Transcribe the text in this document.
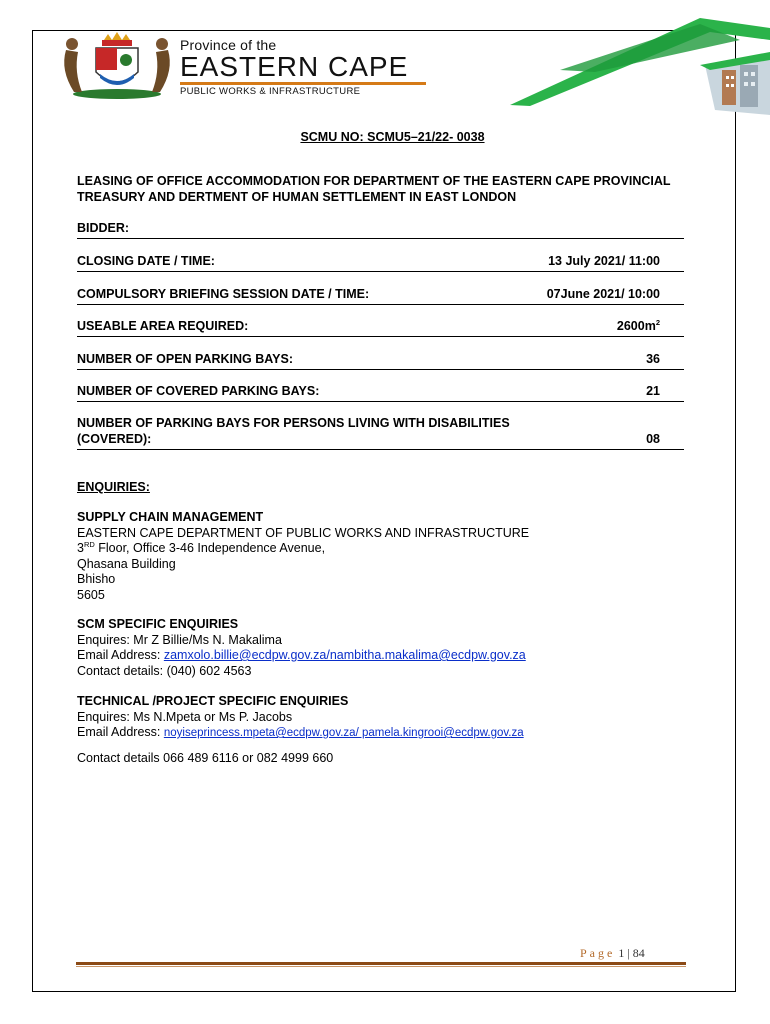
Province of the
EASTERN CAPE
PUBLIC WORKS & INFRASTRUCTURE
SCMU NO: SCMU5–21/22- 0038
LEASING OF OFFICE ACCOMMODATION FOR DEPARTMENT OF THE EASTERN CAPE PROVINCIAL TREASURY AND DERTMENT OF HUMAN SETTLEMENT IN EAST LONDON
BIDDER:
CLOSING DATE / TIME:	13 July 2021/ 11:00
COMPULSORY BRIEFING SESSION DATE / TIME:	07June 2021/ 10:00
USEABLE AREA REQUIRED:	$2600m^2$
NUMBER OF OPEN PARKING BAYS:	36
NUMBER OF COVERED PARKING BAYS:	21
NUMBER OF PARKING BAYS FOR PERSONS LIVING WITH DISABILITIES
(COVERED):	08
ENQUIRIES:
SUPPLY CHAIN MANAGEMENT
EASTERN CAPE DEPARTMENT OF PUBLIC WORKS AND INFRASTRUCTURE
3RD Floor, Office 3-46 Independence Avenue,
Qhasana Building
Bhisho
5605
SCM SPECIFIC ENQUIRIES
Enquires: Mr Z Billie/Ms N. Makalima
Email Address: zamxolo.billie@ecdpw.gov.za/nambitha.makalima@ecdpw.gov.za
Contact details: (040) 602 4563
TECHNICAL /PROJECT SPECIFIC ENQUIRIES
Enquires: Ms N.Mpeta or Ms P. Jacobs
Email Address: noyiseprincess.mpeta@ecdpw.gov.za/ pamela.kingrooi@ecdpw.gov.za
Contact details 066 489 6116 or 082 4999 660
Page 1 | 84
